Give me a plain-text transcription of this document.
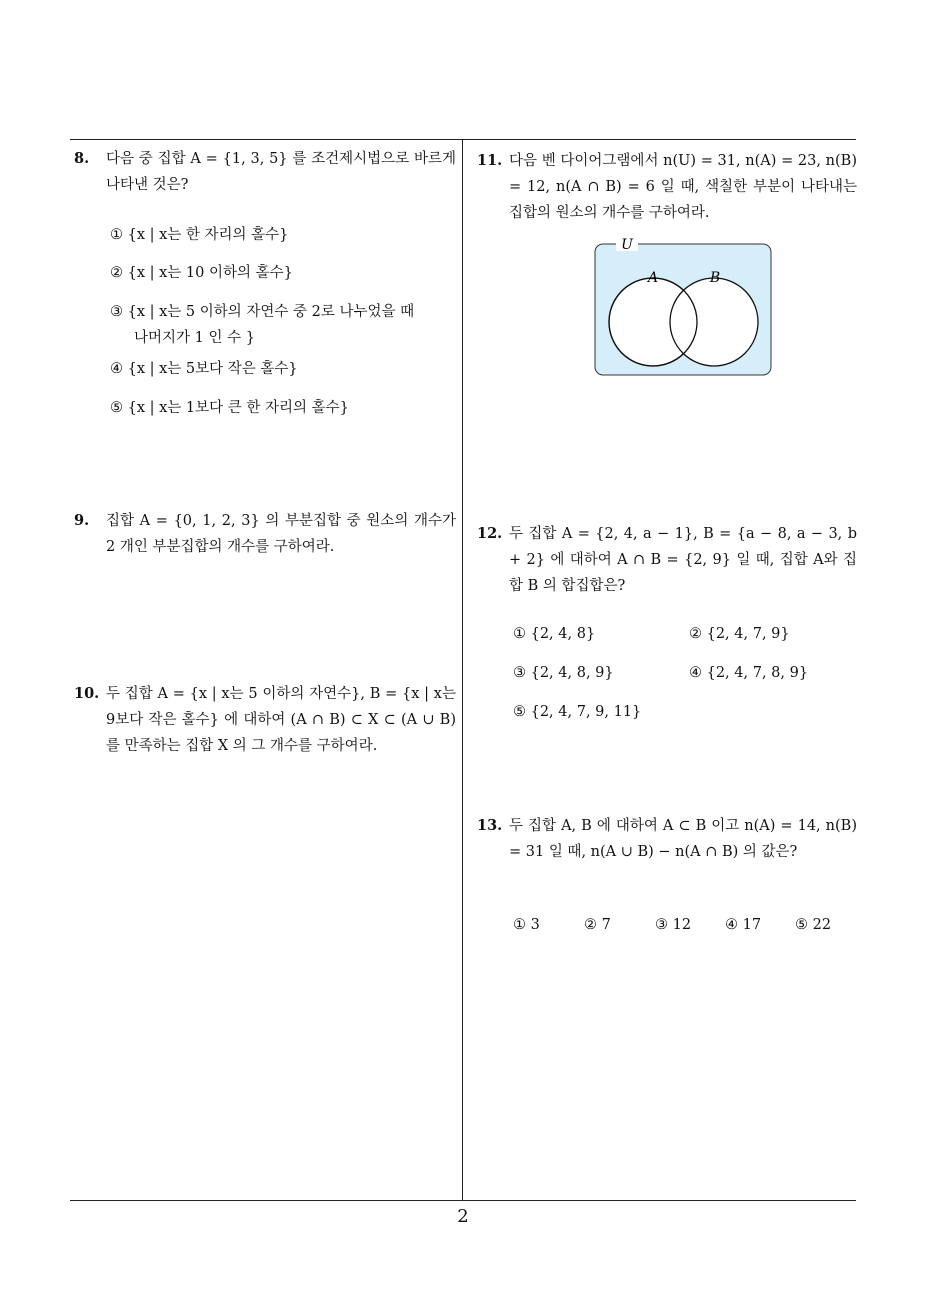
8. 다음 중 집합 A = {1, 3, 5} 를 조건제시법으로 바르게 나타낸 것은?

① {x | x는 한 자리의 홀수}
② {x | x는 10 이하의 홀수}
③ {x | x는 5 이하의 자연수 중 2로 나누었을 때
나머지가 1 인 수 }
④ {x | x는 5보다 작은 홀수}
⑤ {x | x는 1보다 큰 한 자리의 홀수}
9. 집합 A = {0, 1, 2, 3} 의 부분집합 중 원소의 개수가 2 개인 부분집합의 개수를 구하여라.

10. 두 집합 A = {x | x는 5 이하의 자연수}, B = {x | x는 9보다 작은 홀수} 에 대하여 (A ∩ B) ⊂ X ⊂ (A ∪ B) 를 만족하는 집합 X 의 그 개수를 구하여라.

11. 다음 벤 다이어그램에서 n(U) = 31, n(A) = 23, n(B) = 12, n(A ∩ B) = 6 일 때, 색칠한 부분이 나타내는 집합의 원소의 개수를 구하여라.

U
A	B
12. 두 집합 A = {2, 4, a − 1}, B = {a − 8, a − 3, b + 2} 에 대하여 A ∩ B = {2, 9} 일 때, 집합 A와 집합 B 의 합집합은?

① {2, 4, 8}	② {2, 4, 7, 9}
③ {2, 4, 8, 9}	④ {2, 4, 7, 8, 9}
⑤ {2, 4, 7, 9, 11}
13. 두 집합 A, B 에 대하여 A ⊂ B 이고 n(A) = 14, n(B) = 31 일 때, n(A ∪ B) − n(A ∩ B) 의 값은?

① 3	② 7	③ 12 ④ 17 ⑤ 22
2
